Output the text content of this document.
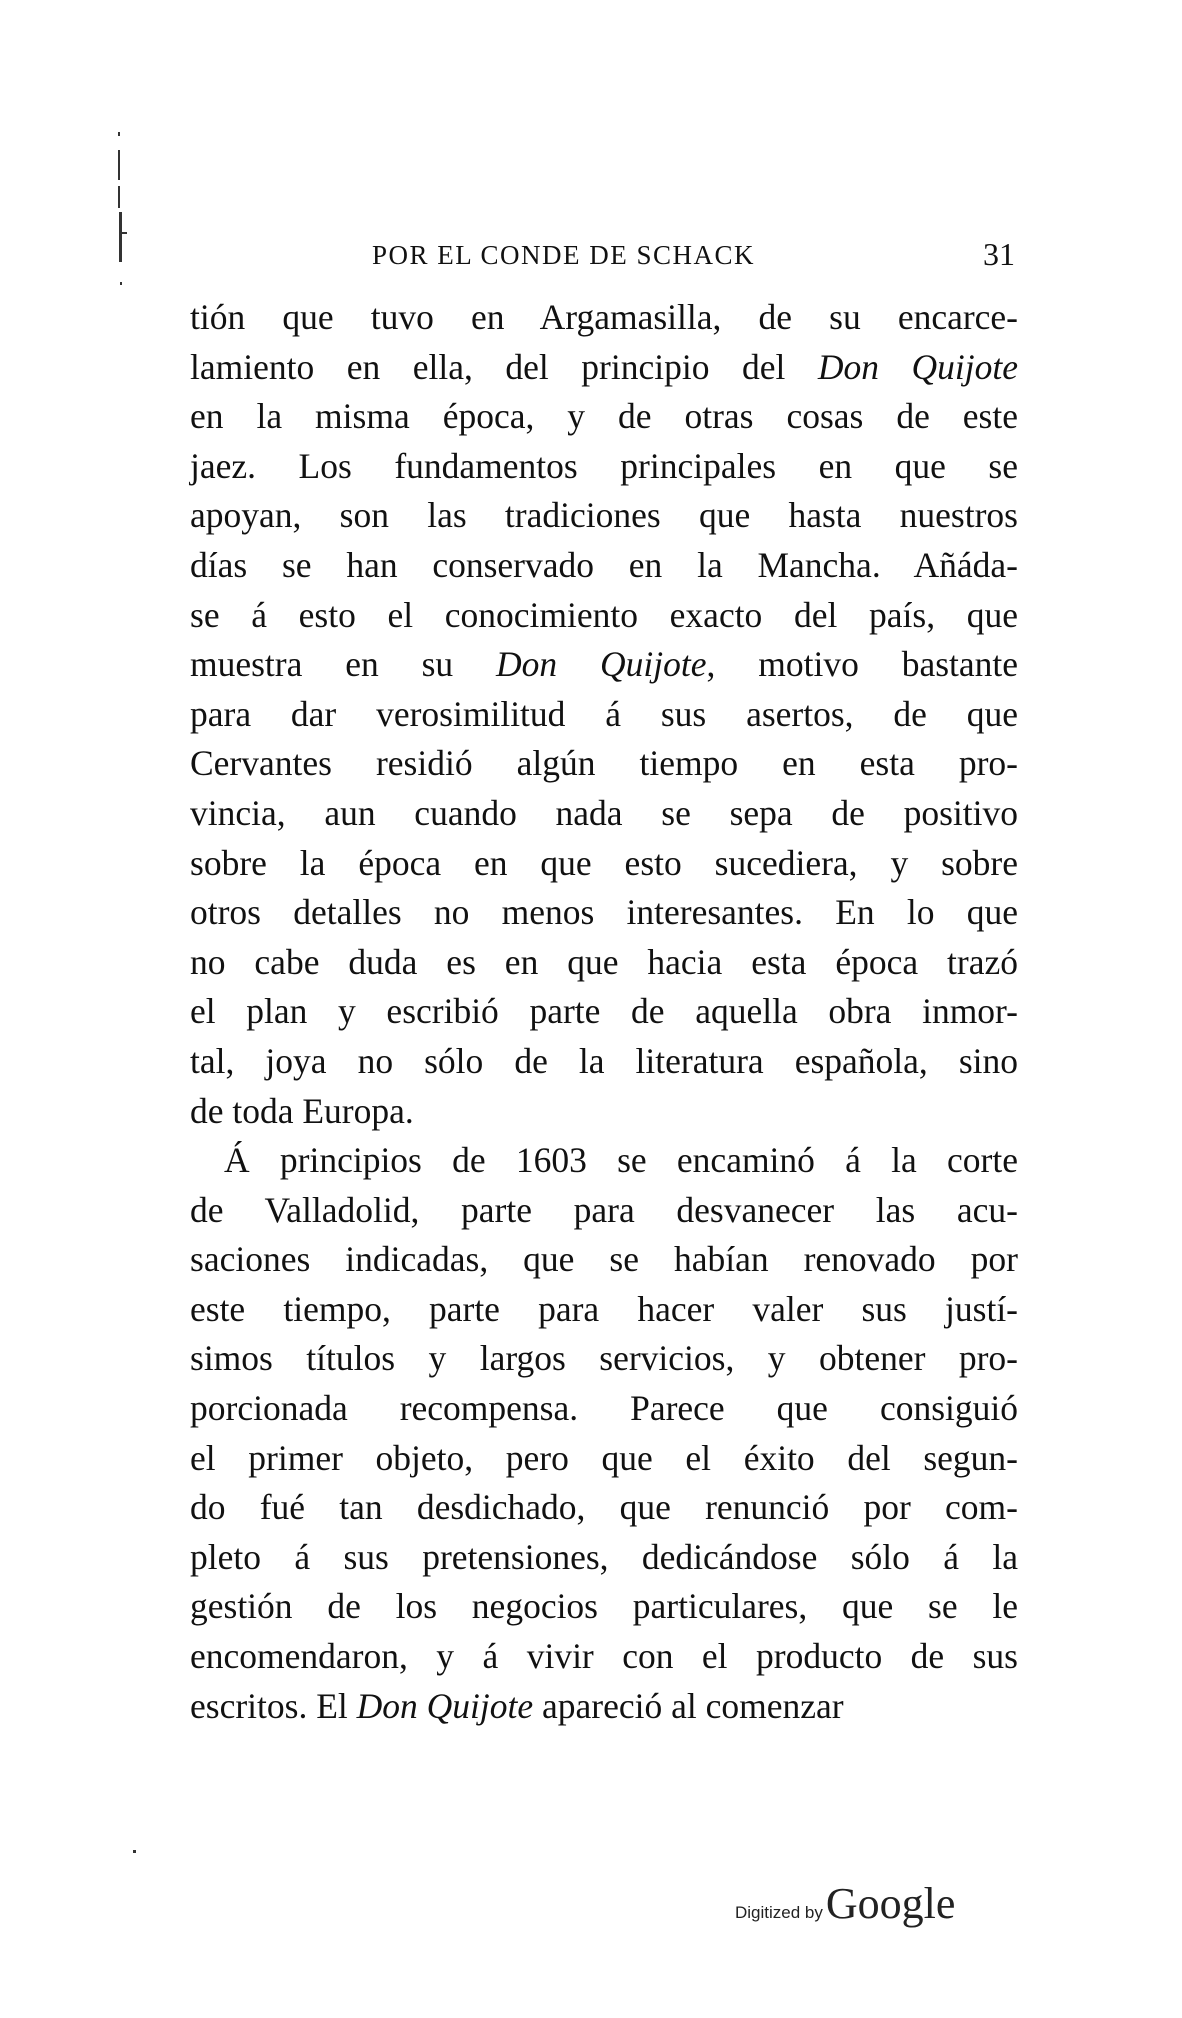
POR EL CONDE DE SCHACK	31
tión que tuvo en Argamasilla, de su encarce-
lamiento en ella, del principio del Don Quijote
en la misma época, y de otras cosas de este
jaez. Los fundamentos principales en que se
apoyan, son las tradiciones que hasta nuestros
días se han conservado en la Mancha. Añáda-
se á esto el conocimiento exacto del país, que
muestra en su Don Quijote, motivo bastante
para dar verosimilitud á sus asertos, de que
Cervantes residió algún tiempo en esta pro-
vincia, aun cuando nada se sepa de positivo
sobre la época en que esto sucediera, y sobre
otros detalles no menos interesantes. En lo que
no cabe duda es en que hacia esta época trazó
el plan y escribió parte de aquella obra inmor-
tal, joya no sólo de la literatura española, sino
de toda Europa.
Á principios de 1603 se encaminó á la corte
de Valladolid, parte para desvanecer las acu-
saciones indicadas, que se habían renovado por
este tiempo, parte para hacer valer sus justí-
simos títulos y largos servicios, y obtener pro-
porcionada recompensa. Parece que consiguió
el primer objeto, pero que el éxito del segun-
do fué tan desdichado, que renunció por com-
pleto á sus pretensiones, dedicándose sólo á la
gestión de los negocios particulares, que se le
encomendaron, y á vivir con el producto de sus
escritos. El Don Quijote apareció al comenzar
Digitized byGoogle
